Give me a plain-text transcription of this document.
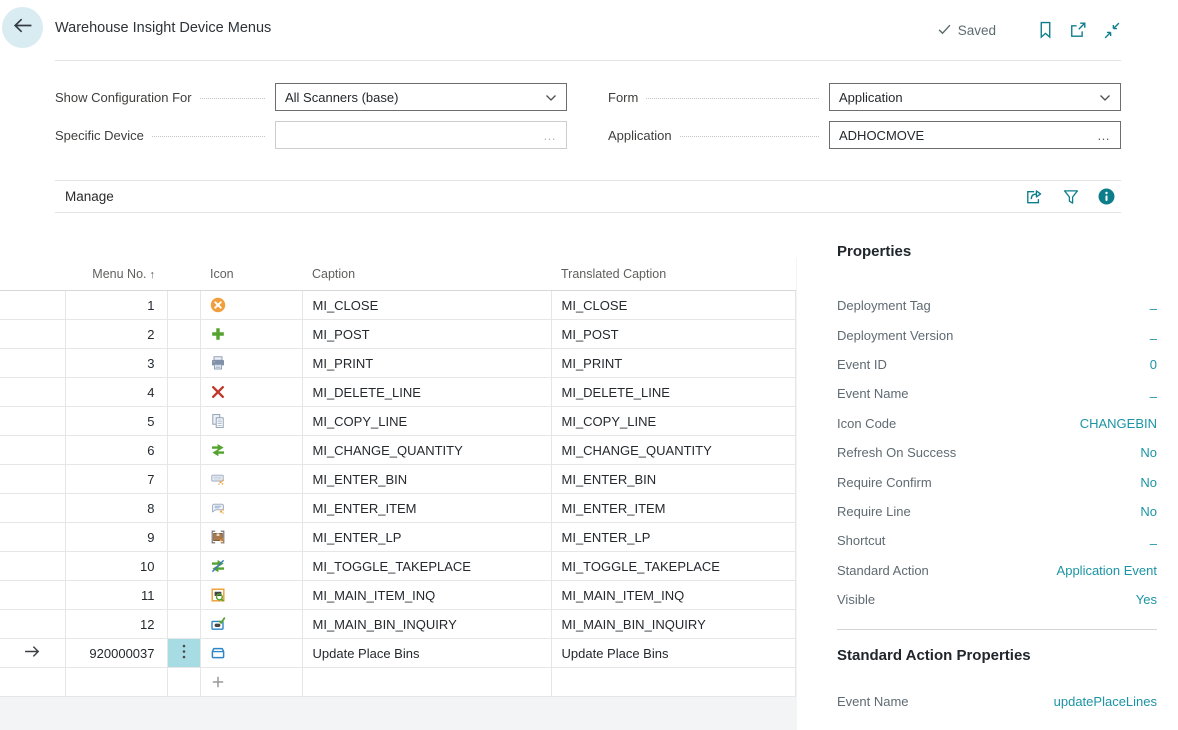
Warehouse Insight Device Menus	Saved
Show Configuration For	All Scanners (base)
Specific Device	…
Form	Application
Application	ADHOCMOVE	…
Manage
	Menu No. ↑		Icon	Caption	Translated Caption
	1			MI_CLOSE	MI_CLOSE
	2			MI_POST	MI_POST
	3			MI_PRINT	MI_PRINT
	4			MI_DELETE_LINE	MI_DELETE_LINE
	5			MI_COPY_LINE	MI_COPY_LINE
	6			MI_CHANGE_QUANTITY	MI_CHANGE_QUANTITY
	7			MI_ENTER_BIN	MI_ENTER_BIN
	8			MI_ENTER_ITEM	MI_ENTER_ITEM
	9			MI_ENTER_LP	MI_ENTER_LP
	10			MI_TOGGLE_TAKEPLACE	MI_TOGGLE_TAKEPLACE
	11			MI_MAIN_ITEM_INQ	MI_MAIN_ITEM_INQ
	12			MI_MAIN_BIN_INQUIRY	MI_MAIN_BIN_INQUIRY
	920000037			Update Place Bins	Update Place Bins

Properties
Deployment Tag	–
Deployment Version	–
Event ID	0
Event Name	–
Icon Code	CHANGEBIN
Refresh On Success	No
Require Confirm	No
Require Line	No
Shortcut	–
Standard Action	Application Event
Visible	Yes
Standard Action Properties
Event Name	updatePlaceLines
